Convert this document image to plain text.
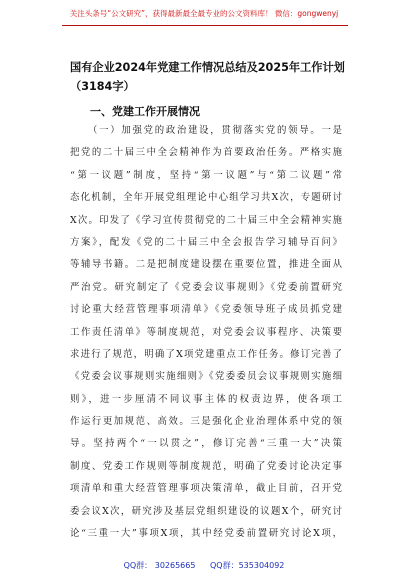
关注头条号“公文研究”，获得最新最全最专业的公文资料库！ 微信：gongwenyj
国有企业2024年党建工作情况总结及2025年工作计划
（3184字）
一、党建工作开展情况
（一）加强党的政治建设，贯彻落实党的领导。一是
把党的二十届三中全会精神作为首要政治任务。严格实施
“第一议题”制度，坚持“第一议题”与“第二议题”常
态化机制，全年开展党组理论中心组学习共X次，专题研讨
X次。印发了《学习宣传贯彻党的二十届三中全会精神实施
方案》，配发《党的二十届三中全会报告学习辅导百问》
等辅导书籍。二是把制度建设摆在重要位置，推进全面从
严治党。研究制定了《党委会议事规则》《党委前置研究
讨论重大经营管理事项清单》《党委领导班子成员抓党建
工作责任清单》等制度规范，对党委会议事程序、决策要
求进行了规范，明确了X项党建重点工作任务。修订完善了
《党委会议事规则实施细则》《党委委员会议事规则实施细
则》，进一步厘清不同议事主体的权责边界，使各项工
作运行更加规范、高效。三是强化企业治理体系中党的领
导。坚持两个“一以贯之”，修订完善“三重一大”决策
制度、党委工作规则等制度规范，明确了党委讨论决定事
项清单和重大经营管理事项决策清单，截止目前，召开党
委会议X次，研究涉及基层党组织建设的议题X个，研究讨
论“三重一大”事项X项，其中经党委前置研究讨论X项，
QQ群： 30265665 QQ群：535304092
